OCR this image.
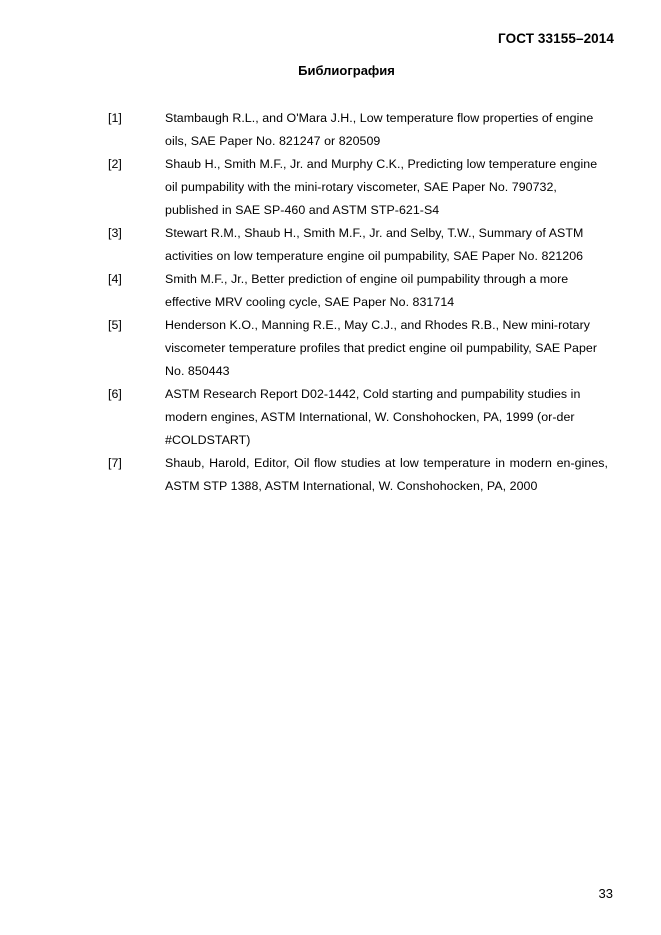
ГОСТ 33155–2014
Библиография
[1]	Stambaugh R.L., and O'Mara J.H., Low temperature flow properties of engine oils, SAE Paper No. 821247 or 820509
[2]	Shaub H., Smith M.F., Jr. and Murphy C.K., Predicting low temperature engine oil pumpability with the mini-rotary viscometer, SAE Paper No. 790732, published in SAE SP-460 and ASTM STP-621-S4
[3]	Stewart R.M., Shaub H., Smith M.F., Jr. and Selby, T.W., Summary of ASTM activities on low temperature engine oil pumpability, SAE Paper No. 821206
[4]	Smith M.F., Jr., Better prediction of engine oil pumpability through a more effective MRV cooling cycle, SAE Paper No. 831714
[5]	Henderson K.O., Manning R.E., May C.J., and Rhodes R.B., New mini-rotary viscometer temperature profiles that predict engine oil pumpability, SAE Paper No. 850443
[6]	ASTM Research Report D02-1442, Cold starting and pumpability studies in modern engines, ASTM International, W. Conshohocken, PA, 1999 (or-der #COLDSTART)
[7]	Shaub, Harold, Editor, Oil flow studies at low temperature in modern en-gines, ASTM STP 1388, ASTM International, W. Conshohocken, PA, 2000
33
